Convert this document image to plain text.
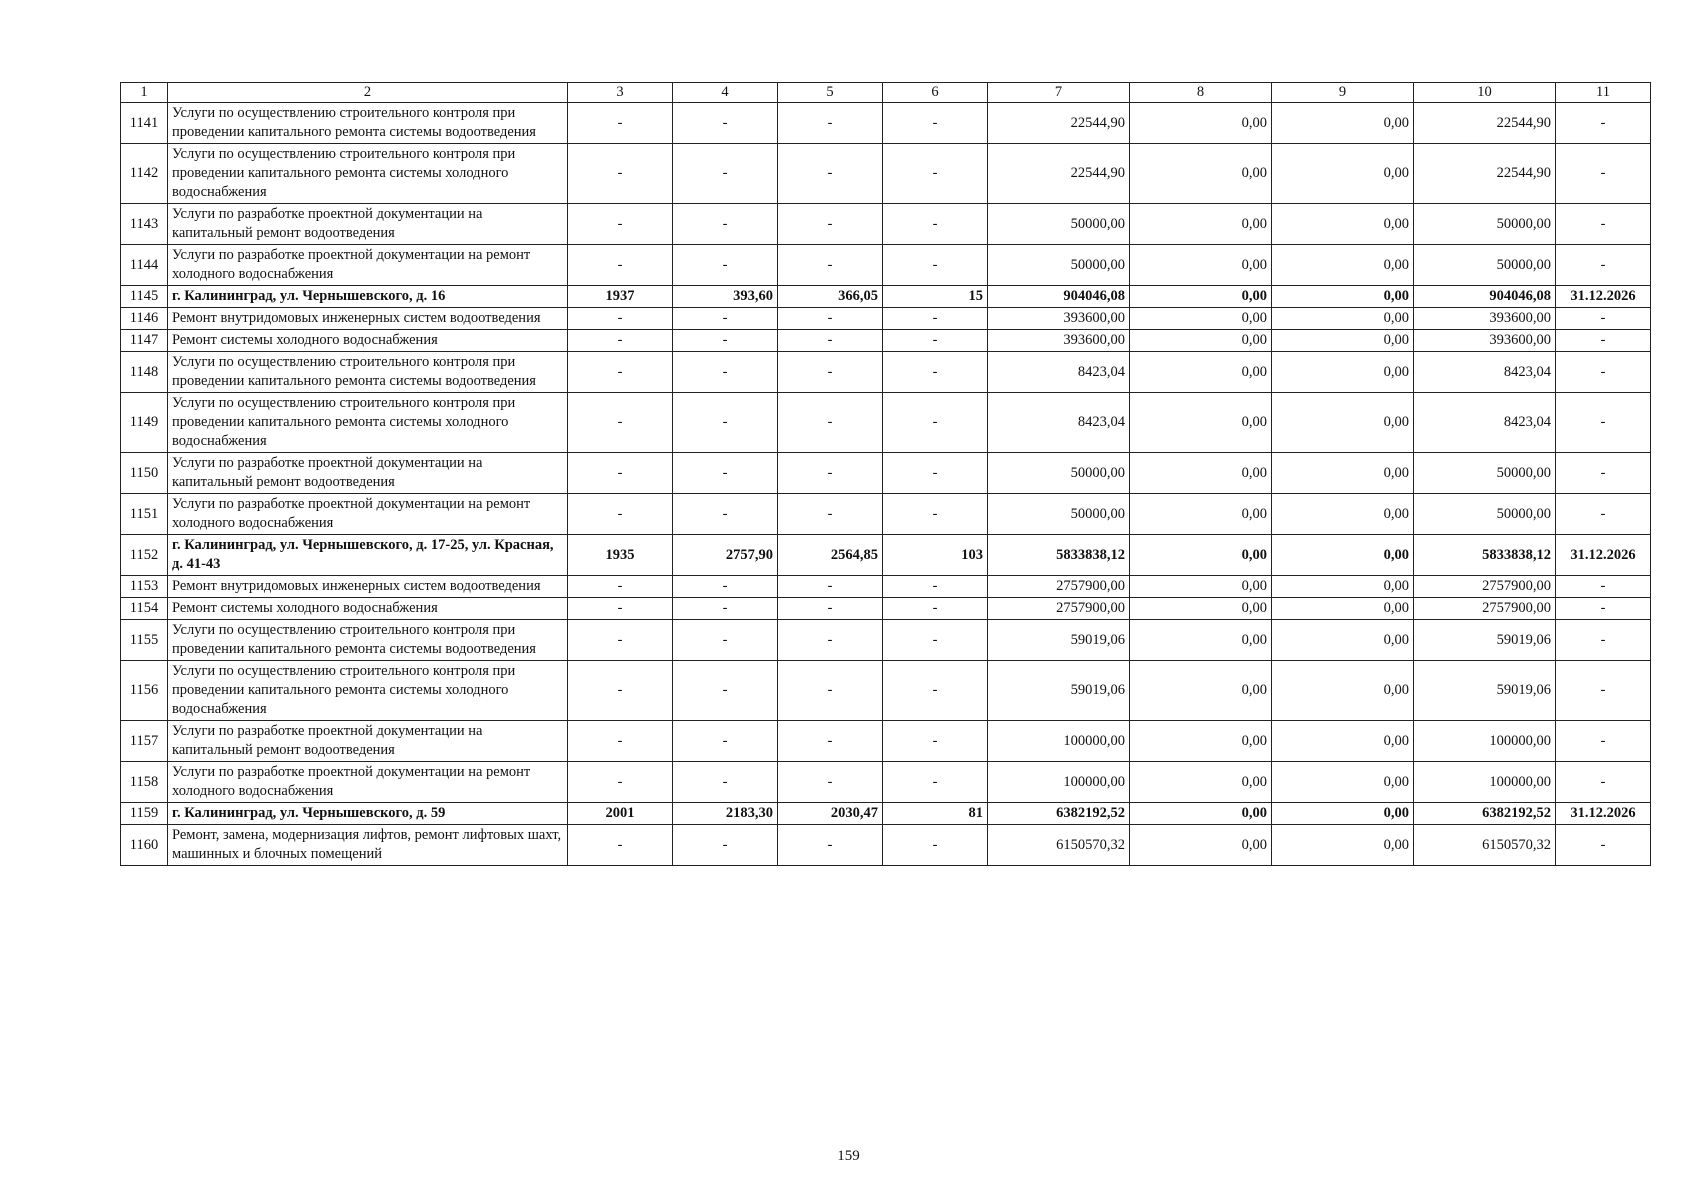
1	2	3	4	5	6	7	8	9	10	11
1141	Услуги по осуществлению строительного контроля при проведении капитального ремонта системы водоотведения	-	-	-	-	22544,90	0,00	0,00	22544,90	-
1142	Услуги по осуществлению строительного контроля при проведении капитального ремонта системы холодного водоснабжения	-	-	-	-	22544,90	0,00	0,00	22544,90	-
1143	Услуги по разработке проектной документации на капитальный ремонт водоотведения	-	-	-	-	50000,00	0,00	0,00	50000,00	-
1144	Услуги по разработке проектной документации на ремонт холодного водоснабжения	-	-	-	-	50000,00	0,00	0,00	50000,00	-
1145	г. Калининград, ул. Чернышевского, д. 16	1937	393,60	366,05	15	904046,08	0,00	0,00	904046,08	31.12.2026
1146	Ремонт внутридомовых инженерных систем водоотведения	-	-	-	-	393600,00	0,00	0,00	393600,00	-
1147	Ремонт системы холодного водоснабжения	-	-	-	-	393600,00	0,00	0,00	393600,00	-
1148	Услуги по осуществлению строительного контроля при проведении капитального ремонта системы водоотведения	-	-	-	-	8423,04	0,00	0,00	8423,04	-
1149	Услуги по осуществлению строительного контроля при проведении капитального ремонта системы холодного водоснабжения	-	-	-	-	8423,04	0,00	0,00	8423,04	-
1150	Услуги по разработке проектной документации на капитальный ремонт водоотведения	-	-	-	-	50000,00	0,00	0,00	50000,00	-
1151	Услуги по разработке проектной документации на ремонт холодного водоснабжения	-	-	-	-	50000,00	0,00	0,00	50000,00	-
1152	г. Калининград, ул. Чернышевского, д. 17-25, ул. Красная, д. 41-43	1935	2757,90	2564,85	103	5833838,12	0,00	0,00	5833838,12	31.12.2026
1153	Ремонт внутридомовых инженерных систем водоотведения	-	-	-	-	2757900,00	0,00	0,00	2757900,00	-
1154	Ремонт системы холодного водоснабжения	-	-	-	-	2757900,00	0,00	0,00	2757900,00	-
1155	Услуги по осуществлению строительного контроля при проведении капитального ремонта системы водоотведения	-	-	-	-	59019,06	0,00	0,00	59019,06	-
1156	Услуги по осуществлению строительного контроля при проведении капитального ремонта системы холодного водоснабжения	-	-	-	-	59019,06	0,00	0,00	59019,06	-
1157	Услуги по разработке проектной документации на капитальный ремонт водоотведения	-	-	-	-	100000,00	0,00	0,00	100000,00	-
1158	Услуги по разработке проектной документации на ремонт холодного водоснабжения	-	-	-	-	100000,00	0,00	0,00	100000,00	-
1159	г. Калининград, ул. Чернышевского, д. 59	2001	2183,30	2030,47	81	6382192,52	0,00	0,00	6382192,52	31.12.2026
1160	Ремонт, замена, модернизация лифтов, ремонт лифтовых шахт, машинных и блочных помещений	-	-	-	-	6150570,32	0,00	0,00	6150570,32	-
159
